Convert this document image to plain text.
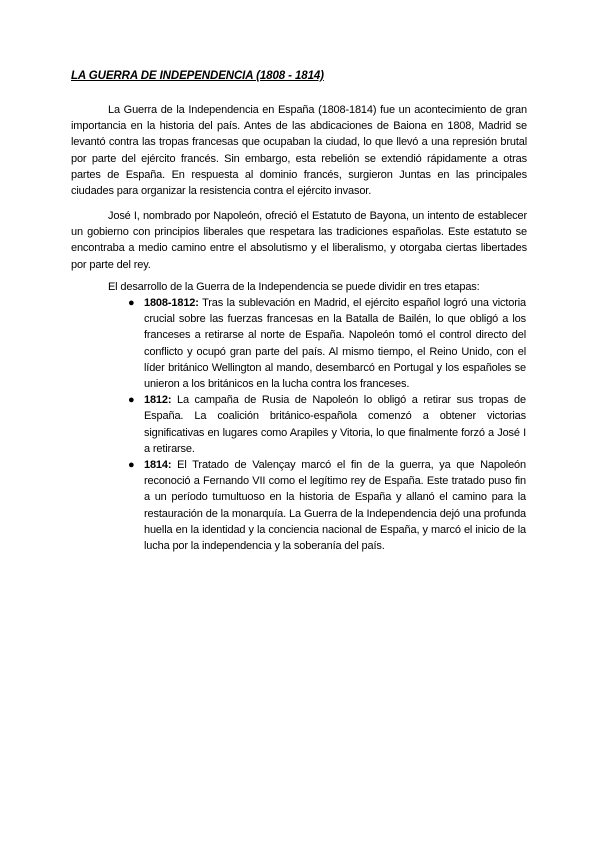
LA GUERRA DE INDEPENDENCIA (1808 - 1814)

La Guerra de la Independencia en España (1808-1814) fue un acontecimiento de gran importancia en la historia del país. Antes de las abdicaciones de Baiona en 1808, Madrid se levantó contra las tropas francesas que ocupaban la ciudad, lo que llevó a una represión brutal por parte del ejército francés. Sin embargo, esta rebelión se extendió rápidamente a otras partes de España. En respuesta al dominio francés, surgieron Juntas en las principales ciudades para organizar la resistencia contra el ejército invasor.

José I, nombrado por Napoleón, ofreció el Estatuto de Bayona, un intento de establecer un gobierno con principios liberales que respetara las tradiciones españolas. Este estatuto se encontraba a medio camino entre el absolutismo y el liberalismo, y otorgaba ciertas libertades por parte del rey.

El desarrollo de la Guerra de la Independencia se puede dividir en tres etapas:

● 1808-1812: Tras la sublevación en Madrid, el ejército español logró una victoria crucial sobre las fuerzas francesas en la Batalla de Bailén, lo que obligó a los franceses a retirarse al norte de España. Napoleón tomó el control directo del conflicto y ocupó gran parte del país. Al mismo tiempo, el Reino Unido, con el líder británico Wellington al mando, desembarcó en Portugal y los españoles se unieron a los británicos en la lucha contra los franceses.
● 1812: La campaña de Rusia de Napoleón lo obligó a retirar sus tropas de España. La coalición británico-española comenzó a obtener victorias significativas en lugares como Arapiles y Vitoria, lo que finalmente forzó a José I a retirarse.
● 1814: El Tratado de Valençay marcó el fin de la guerra, ya que Napoleón reconoció a Fernando VII como el legítimo rey de España. Este tratado puso fin a un período tumultuoso en la historia de España y allanó el camino para la restauración de la monarquía. La Guerra de la Independencia dejó una profunda huella en la identidad y la conciencia nacional de España, y marcó el inicio de la lucha por la independencia y la soberanía del país.
